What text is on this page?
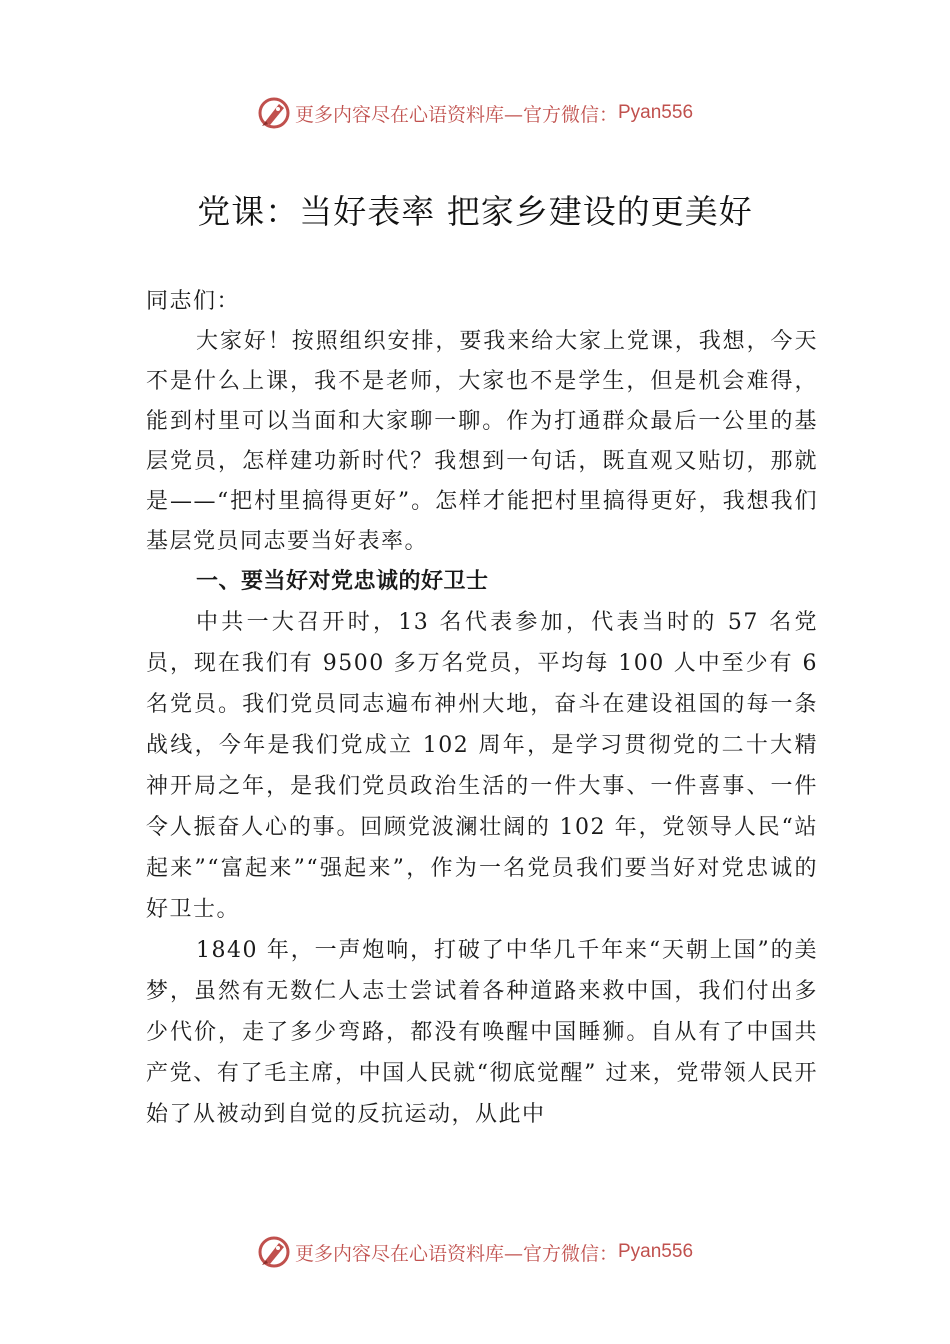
更多内容尽在心语资料库—官方微信： Pyan556
党课：当好表率 把家乡建设的更美好

同志们：

大家好！按照组织安排，要我来给大家上党课，我想，今天不是什么上课，我不是老师，大家也不是学生，但是机会难得，能到村里可以当面和大家聊一聊。作为打通群众最后一公里的基层党员，怎样建功新时代？我想到一句话，既直观又贴切，那就是——“把村里搞得更好”。怎样才能把村里搞得更好，我想我们基层党员同志要当好表率。

一、要当好对党忠诚的好卫士

中共一大召开时，13 名代表参加，代表当时的 57 名党员，现在我们有 9500 多万名党员，平均每 100 人中至少有 6 名党员。我们党员同志遍布神州大地，奋斗在建设祖国的每一条战线，今年是我们党成立 102 周年，是学习贯彻党的二十大精神开局之年，是我们党员政治生活的一件大事、一件喜事、一件令人振奋人心的事。回顾党波澜壮阔的 102 年，党领导人民“站起来”“富起来”“强起来”，作为一名党员我们要当好对党忠诚的好卫士。

1840 年，一声炮响，打破了中华几千年来“天朝上国”的美梦，虽然有无数仁人志士尝试着各种道路来救中国，我们付出多少代价，走了多少弯路，都没有唤醒中国睡狮。自从有了中国共产党、有了毛主席，中国人民就“彻底觉醒” 过来，党带领人民开始了从被动到自觉的反抗运动，从此中

更多内容尽在心语资料库—官方微信： Pyan556
